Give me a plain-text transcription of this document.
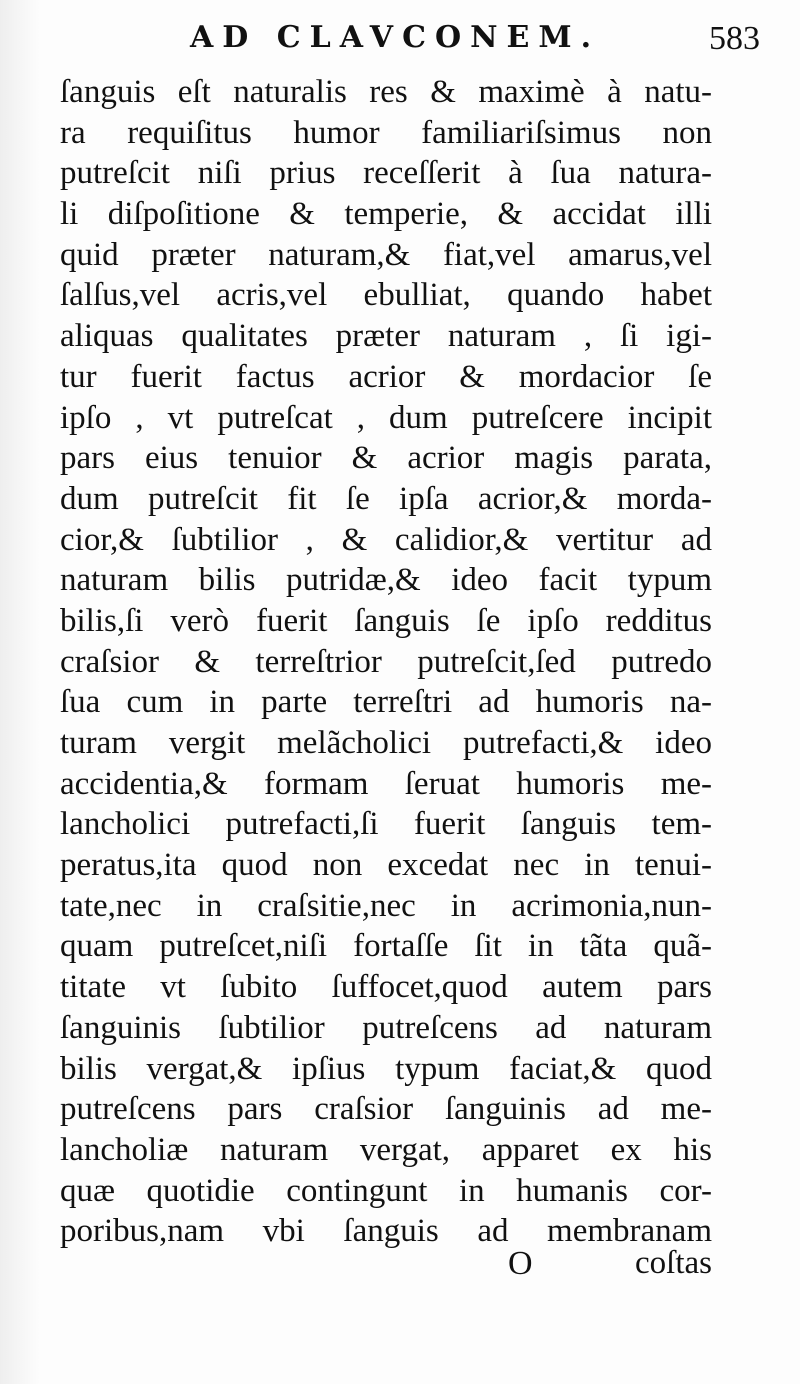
AD CLAVCONEM.	583
ſanguis eſt naturalis res & maximè à natu-
ra requiſitus humor familiariſsimus non
putreſcit niſi prius receſſerit à ſua natura-
li diſpoſitione & temperie, & accidat illi
quid præter naturam,& fiat,vel amarus,vel
ſalſus,vel acris,vel ebulliat, quando habet
aliquas qualitates præter naturam , ſi igi-
tur fuerit factus acrior & mordacior ſe
ipſo , vt putreſcat , dum putreſcere incipit
pars eius tenuior & acrior magis parata,
dum putreſcit fit ſe ipſa acrior,& morda-
cior,& ſubtilior , & calidior,& vertitur ad
naturam bilis putridæ,& ideo facit typum
bilis,ſi verò fuerit ſanguis ſe ipſo redditus
craſsior & terreſtrior putreſcit,ſed putredo
ſua cum in parte terreſtri ad humoris na-
turam vergit melãcholici putrefacti,& ideo
accidentia,& formam ſeruat humoris me-
lancholici putrefacti,ſi fuerit ſanguis tem-
peratus,ita quod non excedat nec in tenui-
tate,nec in craſsitie,nec in acrimonia,nun-
quam putreſcet,niſi fortaſſe ſit in tãta quã-
titate vt ſubito ſuffocet,quod autem pars
ſanguinis ſubtilior putreſcens ad naturam
bilis vergat,& ipſius typum faciat,& quod
putreſcens pars craſsior ſanguinis ad me-
lancholiæ naturam vergat, apparet ex his
quæ quotidie contingunt in humanis cor-
poribus,nam vbi ſanguis ad membranam
O	coſtas
